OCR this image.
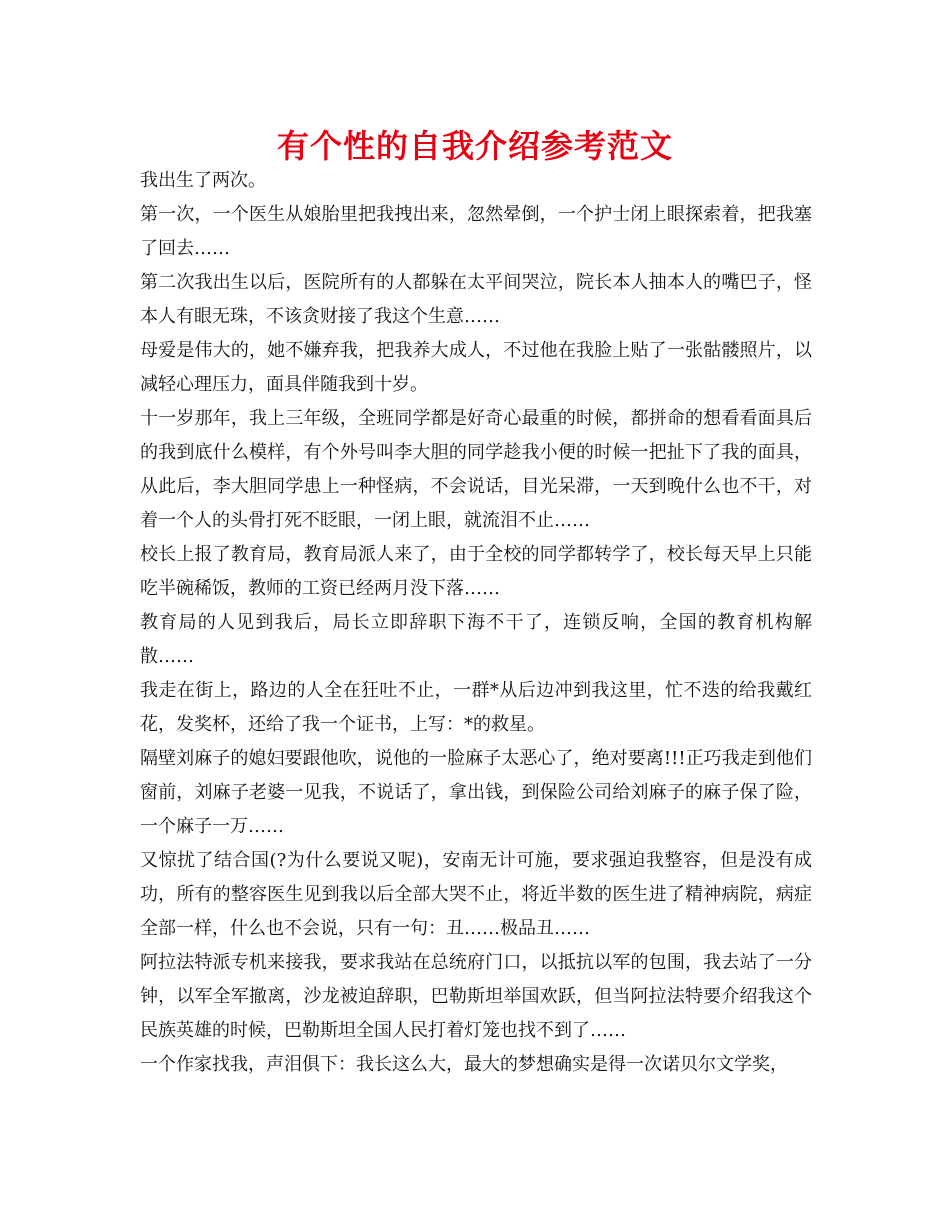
有个性的自我介绍参考范文

我出生了两次。

第一次，一个医生从娘胎里把我拽出来，忽然晕倒，一个护士闭上眼探索着，把我塞了回去……

第二次我出生以后，医院所有的人都躲在太平间哭泣，院长本人抽本人的嘴巴子，怪本人有眼无珠，不该贪财接了我这个生意……

母爱是伟大的，她不嫌弃我，把我养大成人，不过他在我脸上贴了一张骷髅照片，以减轻心理压力，面具伴随我到十岁。

十一岁那年，我上三年级，全班同学都是好奇心最重的时候，都拼命的想看看面具后的我到底什么模样，有个外号叫李大胆的同学趁我小便的时候一把扯下了我的面具，从此后，李大胆同学患上一种怪病，不会说话，目光呆滞，一天到晚什么也不干，对着一个人的头骨打死不眨眼，一闭上眼，就流泪不止……

校长上报了教育局，教育局派人来了，由于全校的同学都转学了，校长每天早上只能吃半碗稀饭，教师的工资已经两月没下落……

教育局的人见到我后，局长立即辞职下海不干了，连锁反响，全国的教育机构解散……

我走在街上，路边的人全在狂吐不止，一群*从后边冲到我这里，忙不迭的给我戴红花，发奖杯，还给了我一个证书，上写：*的救星。

隔壁刘麻子的媳妇要跟他吹，说他的一脸麻子太恶心了，绝对要离!!!正巧我走到他们窗前，刘麻子老婆一见我，不说话了，拿出钱，到保险公司给刘麻子的麻子保了险，一个麻子一万……

又惊扰了结合国(?为什么要说又呢)，安南无计可施，要求强迫我整容，但是没有成功，所有的整容医生见到我以后全部大哭不止，将近半数的医生进了精神病院，病症全部一样，什么也不会说，只有一句：丑……极品丑……

阿拉法特派专机来接我，要求我站在总统府门口，以抵抗以军的包围，我去站了一分钟，以军全军撤离，沙龙被迫辞职，巴勒斯坦举国欢跃，但当阿拉法特要介绍我这个民族英雄的时候，巴勒斯坦全国人民打着灯笼也找不到了……

一个作家找我，声泪俱下：我长这么大，最大的梦想确实是得一次诺贝尔文学奖，
